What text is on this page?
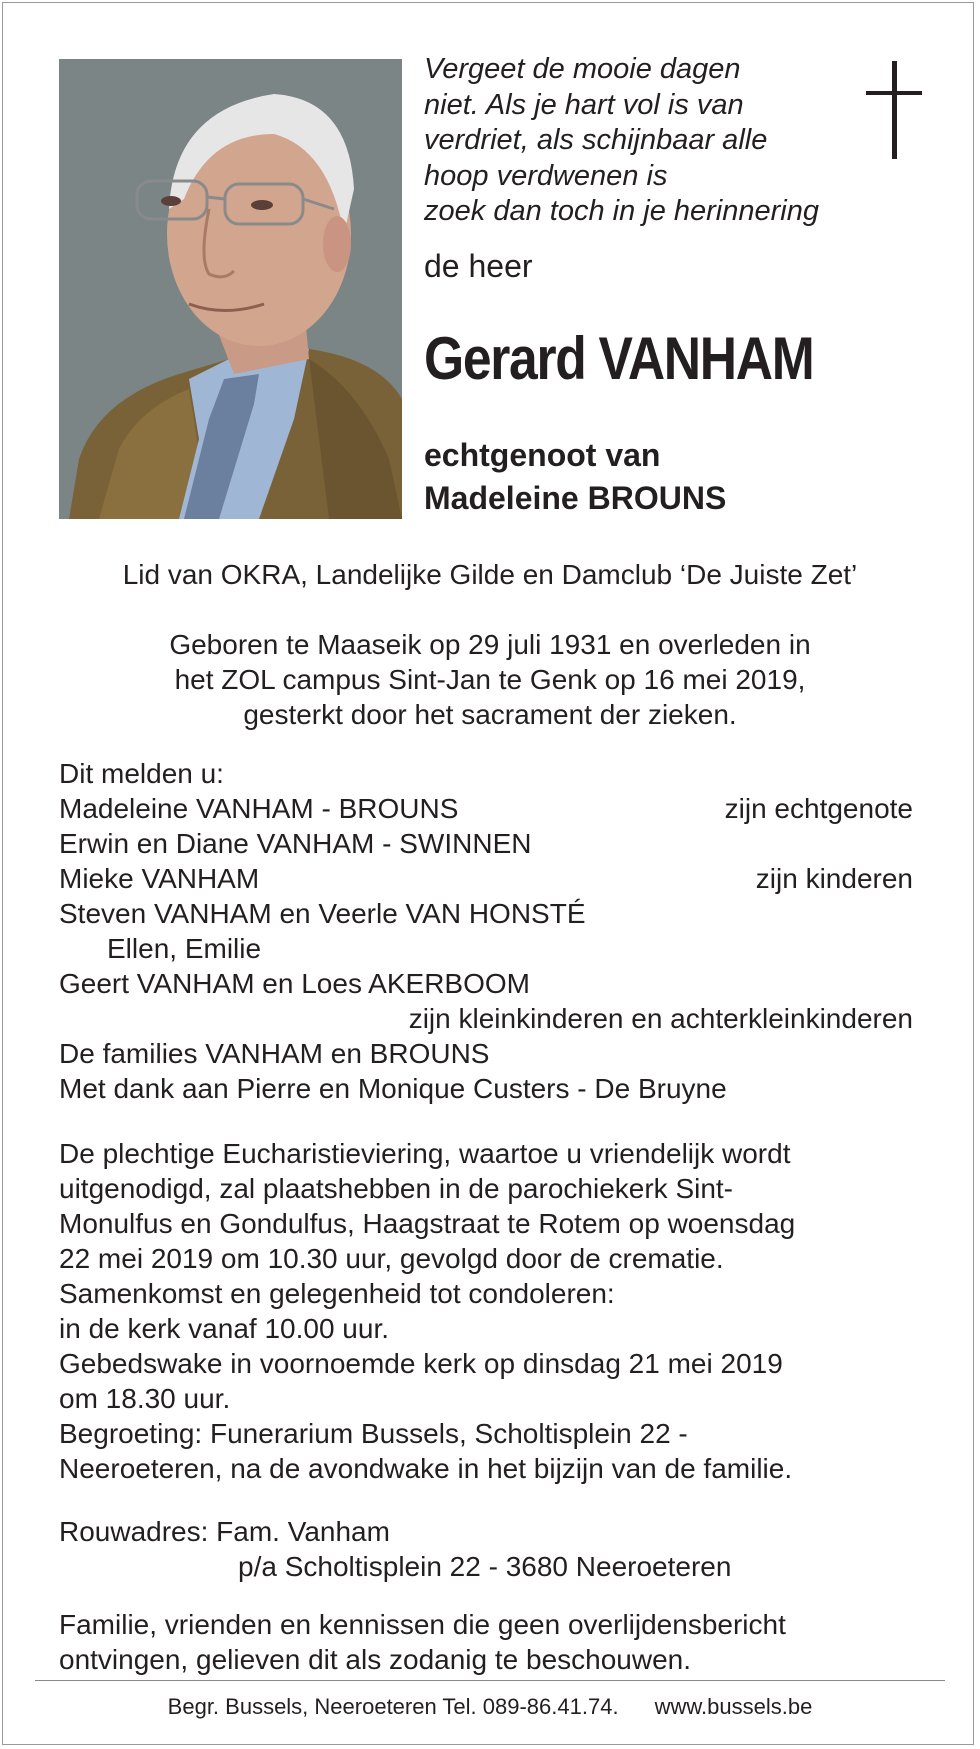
Vergeet de mooie dagen
niet. Als je hart vol is van
verdriet, als schijnbaar alle
hoop verdwenen is
zoek dan toch in je herinnering
de heer
Gerard VANHAM
echtgenoot van
Madeleine BROUNS
Lid van OKRA, Landelijke Gilde en Damclub ‘De Juiste Zet’
Geboren te Maaseik op 29 juli 1931 en overleden in
het ZOL campus Sint-Jan te Genk op 16 mei 2019,
gesterkt door het sacrament der zieken.
Dit melden u:
Madeleine VANHAM - BROUNS	zijn echtgenote
Erwin en Diane VANHAM - SWINNEN
Mieke VANHAM	zijn kinderen
Steven VANHAM en Veerle VAN HONSTÉ
Ellen, Emilie
Geert VANHAM en Loes AKERBOOM
zijn kleinkinderen en achterkleinkinderen
De families VANHAM en BROUNS
Met dank aan Pierre en Monique Custers - De Bruyne
De plechtige Eucharistieviering, waartoe u vriendelijk wordt
uitgenodigd, zal plaatshebben in de parochiekerk Sint-
Monulfus en Gondulfus, Haagstraat te Rotem op woensdag
22 mei 2019 om 10.30 uur, gevolgd door de crematie.
Samenkomst en gelegenheid tot condoleren:
in de kerk vanaf 10.00 uur.
Gebedswake in voornoemde kerk op dinsdag 21 mei 2019
om 18.30 uur.
Begroeting: Funerarium Bussels, Scholtisplein 22 -
Neeroeteren, na de avondwake in het bijzijn van de familie.
Rouwadres: Fam. Vanham
p/a Scholtisplein 22 - 3680 Neeroeteren
Familie, vrienden en kennissen die geen overlijdensbericht
ontvingen, gelieven dit als zodanig te beschouwen.
Begr. Bussels, Neeroeteren Tel. 089-86.41.74. www.bussels.be
